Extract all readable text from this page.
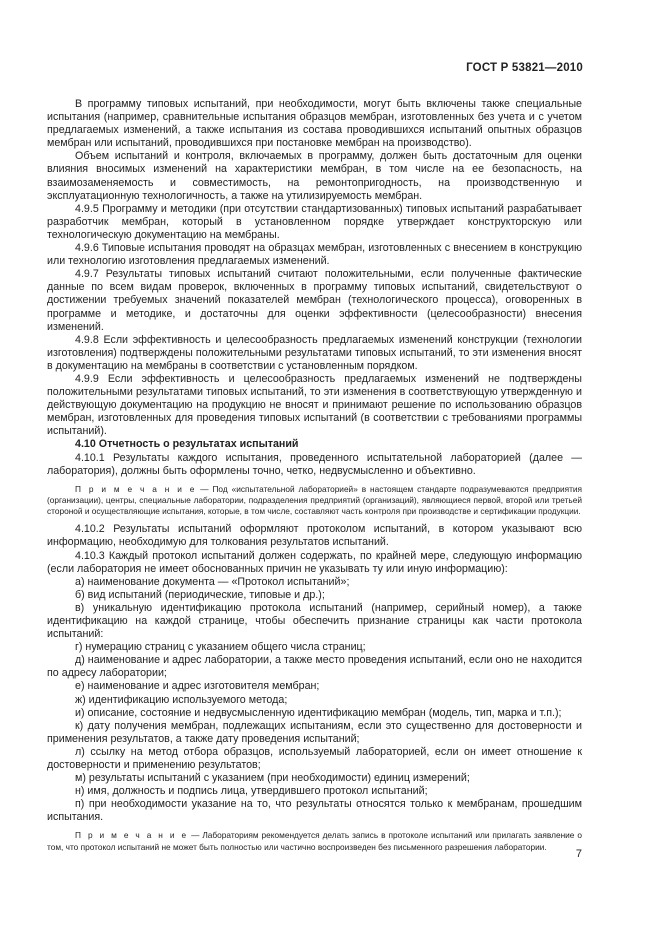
ГОСТ Р 53821—2010

В программу типовых испытаний, при необходимости, могут быть включены также специальные испытания (например, сравнительные испытания образцов мембран, изготовленных без учета и с учетом предлагаемых изменений, а также испытания из состава проводившихся испытаний опытных образцов мембран или испытаний, проводившихся при постановке мембран на производство).

Объем испытаний и контроля, включаемых в программу, должен быть достаточным для оценки влияния вносимых изменений на характеристики мембран, в том числе на ее безопасность, на взаимозаменяемость и совместимость, на ремонтопригодность, на производственную и эксплуатационную технологичность, а также на утилизируемость мембран.

4.9.5 Программу и методики (при отсутствии стандартизованных) типовых испытаний разрабатывает разработчик мембран, который в установленном порядке утверждает конструкторскую или технологическую документацию на мембраны.

4.9.6 Типовые испытания проводят на образцах мембран, изготовленных с внесением в конструкцию или технологию изготовления предлагаемых изменений.

4.9.7 Результаты типовых испытаний считают положительными, если полученные фактические данные по всем видам проверок, включенных в программу типовых испытаний, свидетельствуют о достижении требуемых значений показателей мембран (технологического процесса), оговоренных в программе и методике, и достаточны для оценки эффективности (целесообразности) внесения изменений.

4.9.8 Если эффективность и целесообразность предлагаемых изменений конструкции (технологии изготовления) подтверждены положительными результатами типовых испытаний, то эти изменения вносят в документацию на мембраны в соответствии с установленным порядком.

4.9.9 Если эффективность и целесообразность предлагаемых изменений не подтверждены положительными результатами типовых испытаний, то эти изменения в соответствующую утвержденную и действующую документацию на продукцию не вносят и принимают решение по использованию образцов мембран, изготовленных для проведения типовых испытаний (в соответствии с требованиями программы испытаний).

4.10 Отчетность о результатах испытаний

4.10.1 Результаты каждого испытания, проведенного испытательной лабораторией (далее — лаборатория), должны быть оформлены точно, четко, недвусмысленно и объективно.

П р и м е ч а н и е — Под «испытательной лабораторией» в настоящем стандарте подразумеваются предприятия (организации), центры, специальные лаборатории, подразделения предприятий (организаций), являющиеся первой, второй или третьей стороной и осуществляющие испытания, которые, в том числе, составляют часть контроля при производстве и сертификации продукции.

4.10.2 Результаты испытаний оформляют протоколом испытаний, в котором указывают всю информацию, необходимую для толкования результатов испытаний.

4.10.3 Каждый протокол испытаний должен содержать, по крайней мере, следующую информацию (если лаборатория не имеет обоснованных причин не указывать ту или иную информацию):

а) наименование документа — «Протокол испытаний»;

б) вид испытаний (периодические, типовые и др.);

в) уникальную идентификацию протокола испытаний (например, серийный номер), а также идентификацию на каждой странице, чтобы обеспечить признание страницы как части протокола испытаний:

г) нумерацию страниц с указанием общего числа страниц;

д) наименование и адрес лаборатории, а также место проведения испытаний, если оно не находится по адресу лаборатории;

е) наименование и адрес изготовителя мембран;

ж) идентификацию используемого метода;

и) описание, состояние и недвусмысленную идентификацию мембран (модель, тип, марка и т.п.);

к) дату получения мембран, подлежащих испытаниям, если это существенно для достоверности и применения результатов, а также дату проведения испытаний;

л) ссылку на метод отбора образцов, используемый лабораторией, если он имеет отношение к достоверности и применению результатов;

м) результаты испытаний с указанием (при необходимости) единиц измерений;

н) имя, должность и подпись лица, утвердившего протокол испытаний;

п) при необходимости указание на то, что результаты относятся только к мембранам, прошедшим испытания.

П р и м е ч а н и е — Лабораториям рекомендуется делать запись в протоколе испытаний или прилагать заявление о том, что протокол испытаний не может быть полностью или частично воспроизведен без письменного разрешения лаборатории.

7
